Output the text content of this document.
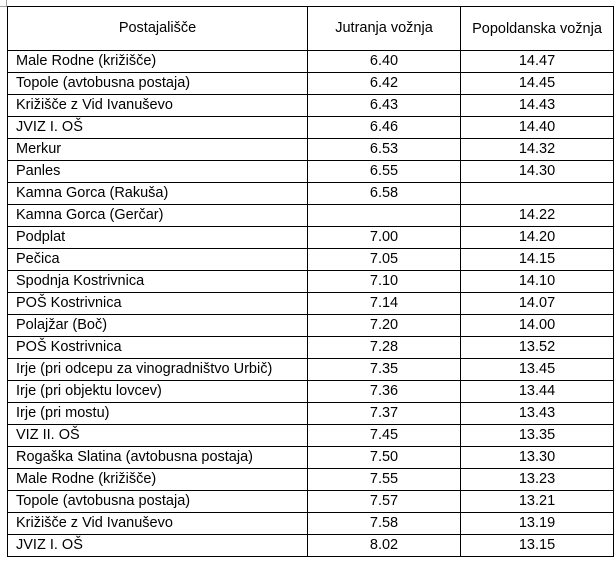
Postajališče	Jutranja vožnja	Popoldanska vožnja
Male Rodne (križišče)	6.40	14.47
Topole (avtobusna postaja)	6.42	14.45
Križišče z Vid Ivanuševo	6.43	14.43
JVIZ I. OŠ	6.46	14.40
Merkur	6.53	14.32
Panles	6.55	14.30
Kamna Gorca (Rakuša)	6.58	
Kamna Gorca (Gerčar)		14.22
Podplat	7.00	14.20
Pečica	7.05	14.15
Spodnja Kostrivnica	7.10	14.10
POŠ Kostrivnica	7.14	14.07
Polajžar (Boč)	7.20	14.00
POŠ Kostrivnica	7.28	13.52
Irje (pri odcepu za vinogradništvo Urbič)	7.35	13.45
Irje (pri objektu lovcev)	7.36	13.44
Irje (pri mostu)	7.37	13.43
VIZ II. OŠ	7.45	13.35
Rogaška Slatina (avtobusna postaja)	7.50	13.30
Male Rodne (križišče)	7.55	13.23
Topole (avtobusna postaja)	7.57	13.21
Križišče z Vid Ivanuševo	7.58	13.19
JVIZ I. OŠ	8.02	13.15
